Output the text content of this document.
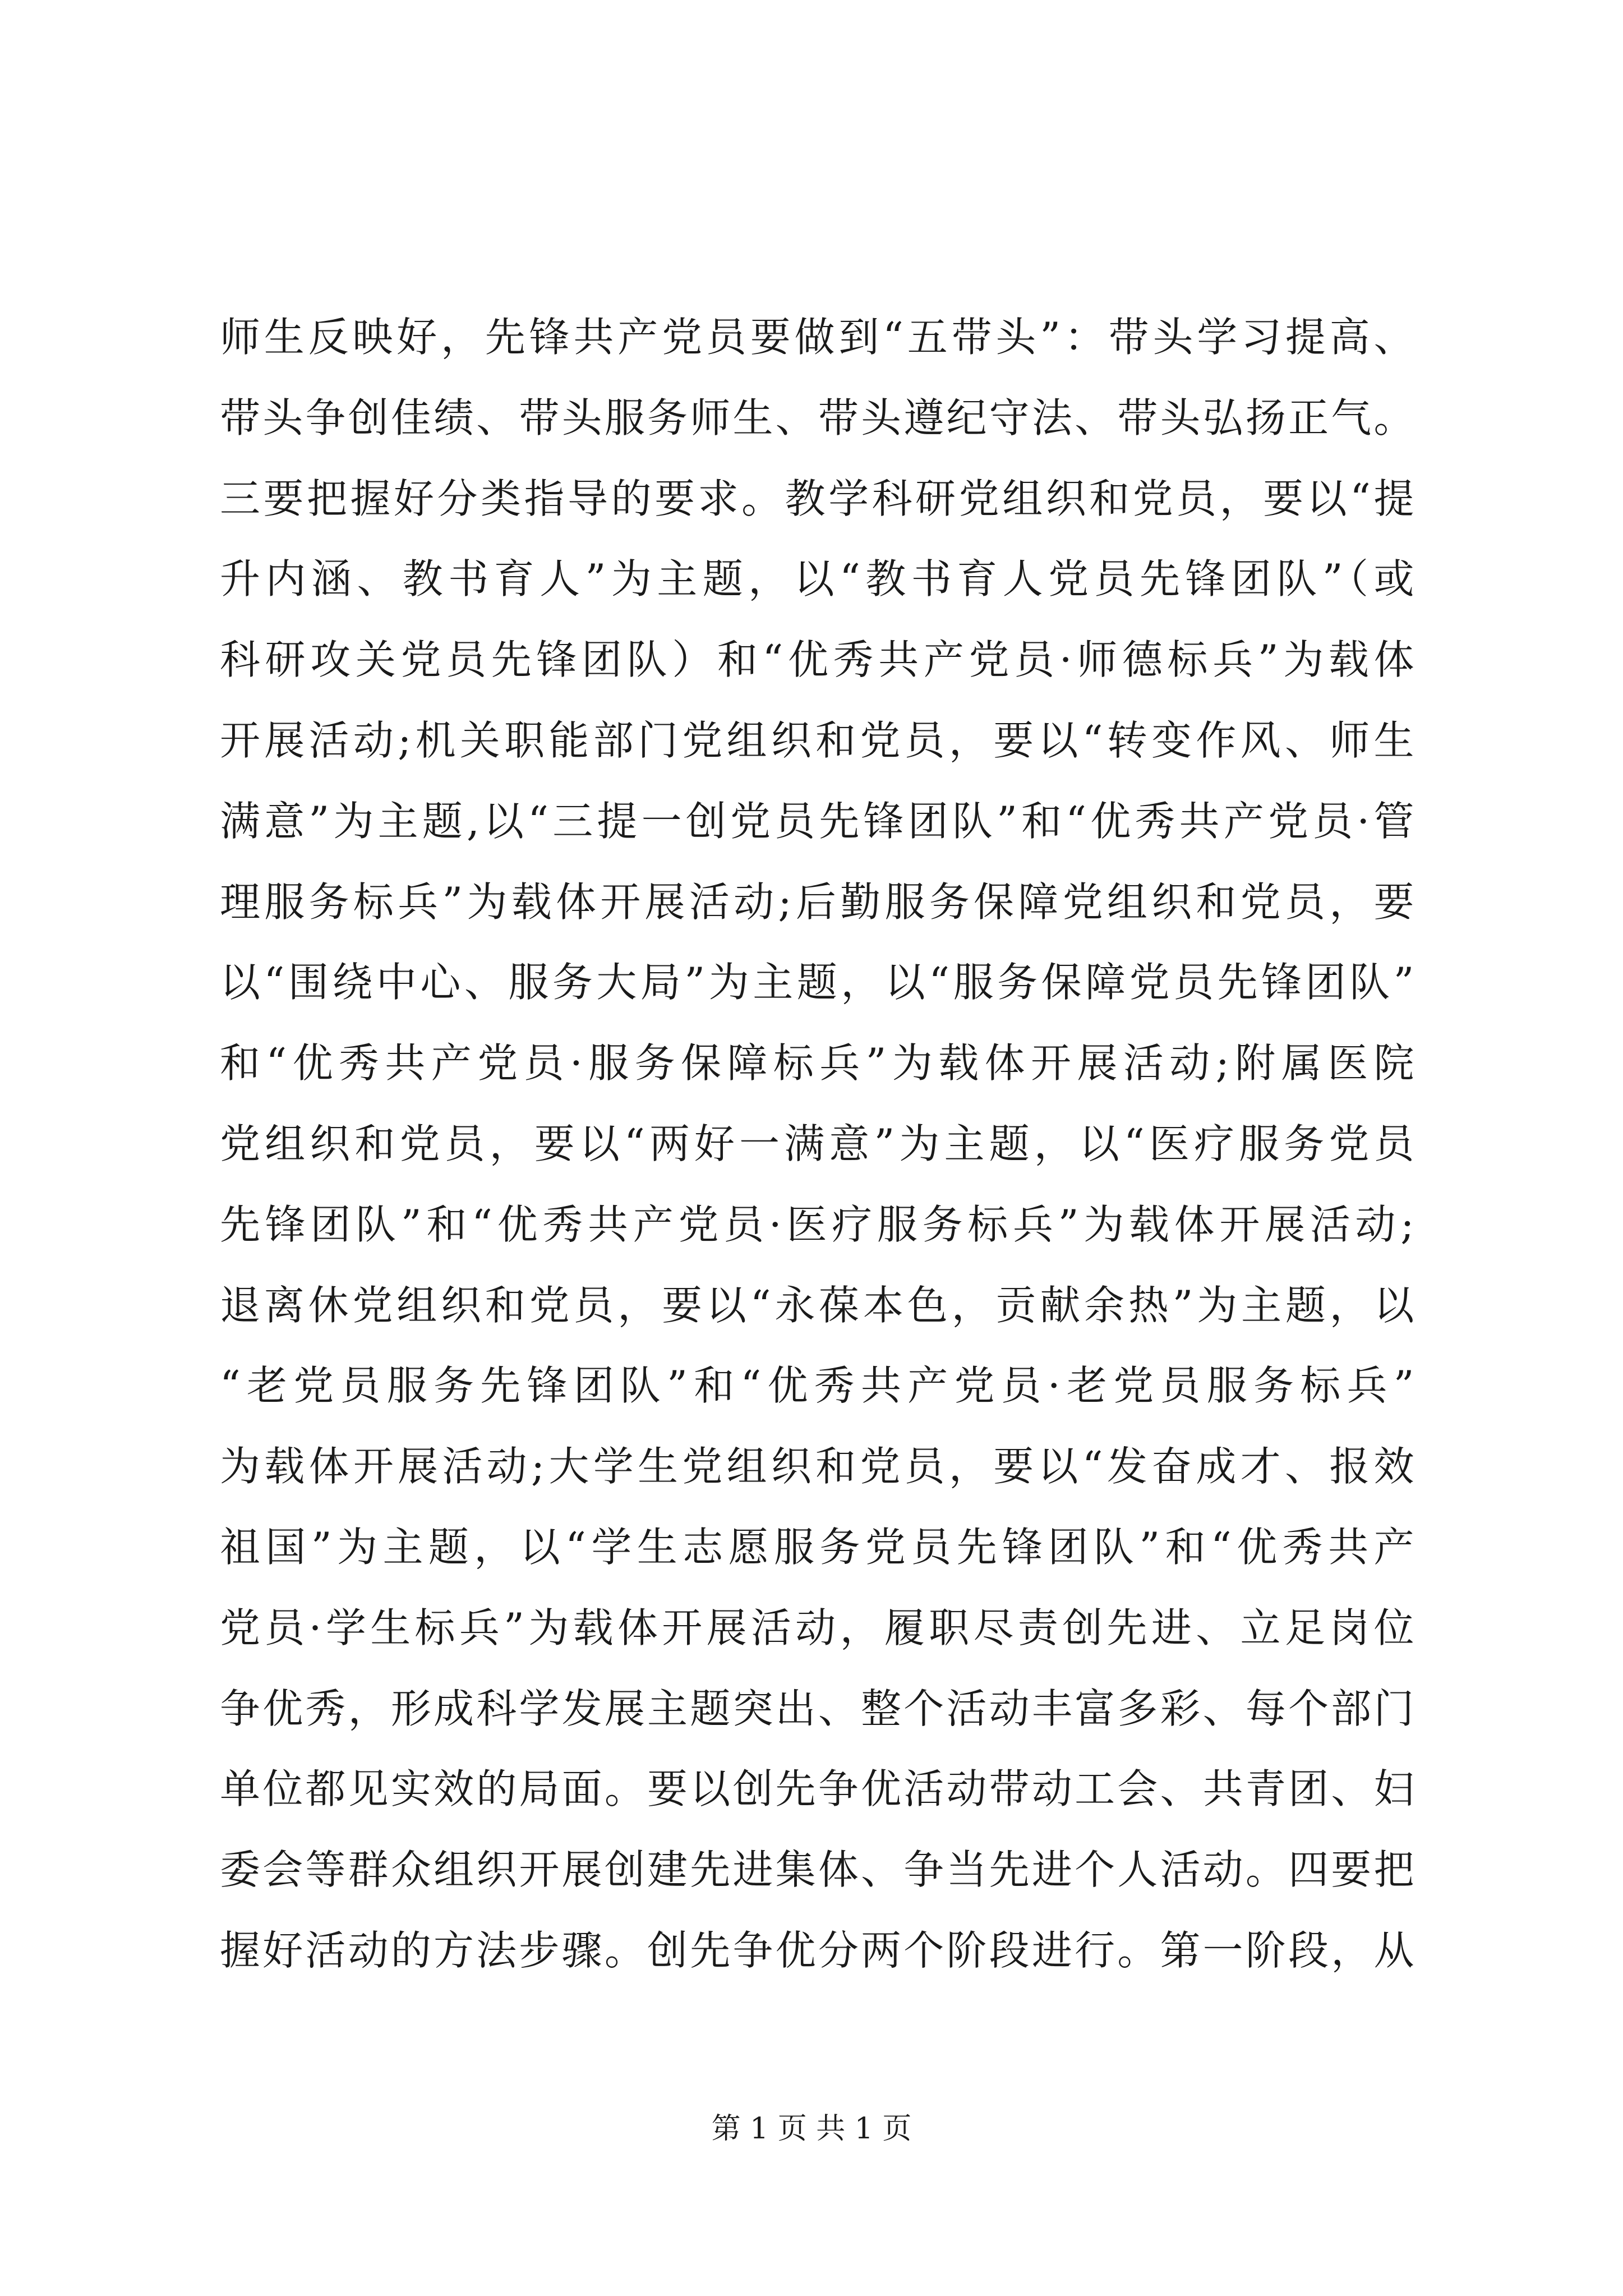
师生反映好，先锋共产党员要做到“五带头”：带头学习提高、
带头争创佳绩、带头服务师生、带头遵纪守法、带头弘扬正气。
三要把握好分类指导的要求。教学科研党组织和党员，要以“提
升内涵、教书育人”为主题，以“教书育人党员先锋团队”（或
科研攻关党员先锋团队）和“优秀共产党员·师德标兵”为载体
开展活动;机关职能部门党组织和党员，要以“转变作风、师生
满意”为主题,以“三提一创党员先锋团队”和“优秀共产党员·管
理服务标兵”为载体开展活动;后勤服务保障党组织和党员，要
以“围绕中心、服务大局”为主题，以“服务保障党员先锋团队”
和“优秀共产党员·服务保障标兵”为载体开展活动;附属医院
党组织和党员，要以“两好一满意”为主题，以“医疗服务党员
先锋团队”和“优秀共产党员·医疗服务标兵”为载体开展活动;
退离休党组织和党员，要以“永葆本色，贡献余热”为主题，以
“老党员服务先锋团队”和“优秀共产党员·老党员服务标兵”
为载体开展活动;大学生党组织和党员，要以“发奋成才、报效
祖国”为主题，以“学生志愿服务党员先锋团队”和“优秀共产
党员·学生标兵”为载体开展活动，履职尽责创先进、立足岗位
争优秀，形成科学发展主题突出、整个活动丰富多彩、每个部门
单位都见实效的局面。要以创先争优活动带动工会、共青团、妇
委会等群众组织开展创建先进集体、争当先进个人活动。四要把
握好活动的方法步骤。创先争优分两个阶段进行。第一阶段，从
第 1 页 共 1 页
